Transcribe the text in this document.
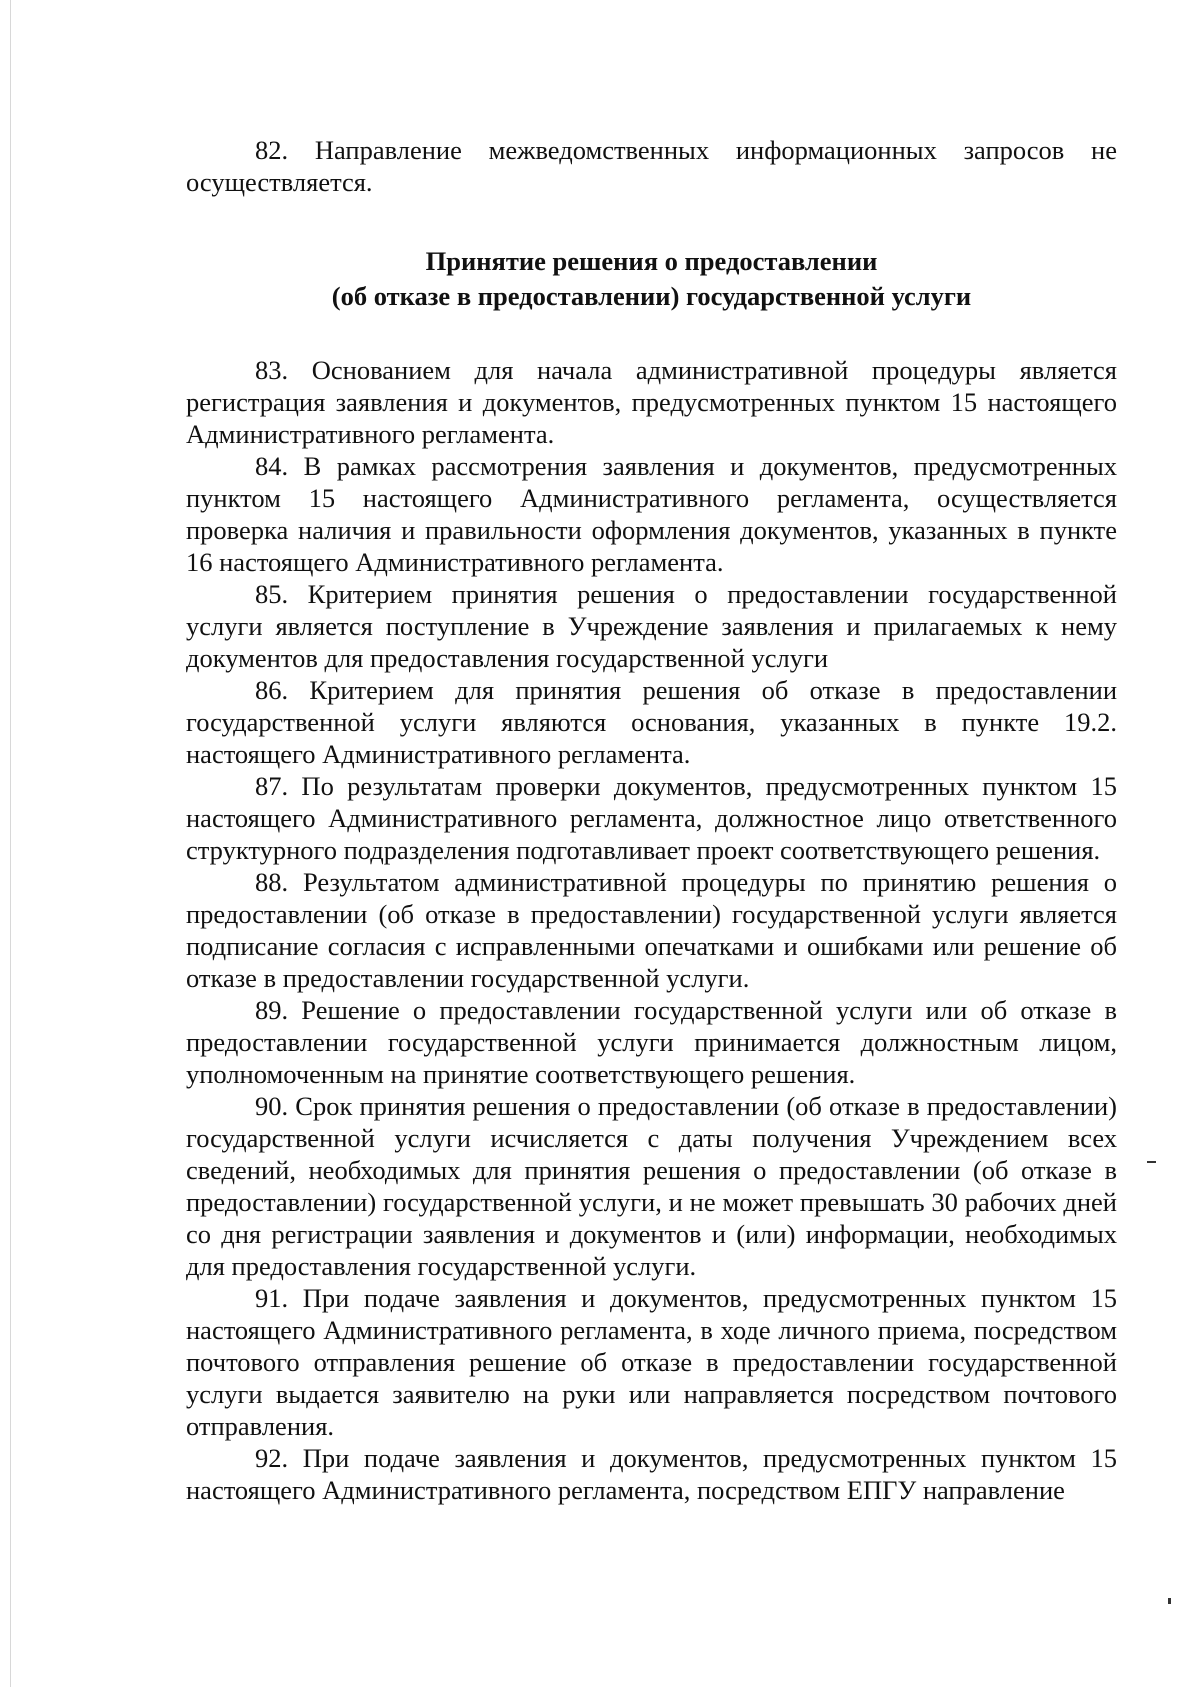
82. Направление межведомственных информационных запросов не осуществляется.

Принятие решения о предоставлении
(об отказе в предоставлении) государственной услуги

83. Основанием для начала административной процедуры является регистрация заявления и документов, предусмотренных пунктом 15 настоящего Административного регламента.

84. В рамках рассмотрения заявления и документов, предусмотренных пунктом 15 настоящего Административного регламента, осуществляется проверка наличия и правильности оформления документов, указанных в пункте 16 настоящего Административного регламента.

85. Критерием принятия решения о предоставлении государственной услуги является поступление в Учреждение заявления и прилагаемых к нему документов для предоставления государственной услуги

86. Критерием для принятия решения об отказе в предоставлении государственной услуги являются основания, указанных в пункте 19.2. настоящего Административного регламента.

87. По результатам проверки документов, предусмотренных пунктом 15 настоящего Административного регламента, должностное лицо ответственного структурного подразделения подготавливает проект соответствующего решения.

88. Результатом административной процедуры по принятию решения о предоставлении (об отказе в предоставлении) государственной услуги является подписание согласия с исправленными опечатками и ошибками или решение об отказе в предоставлении государственной услуги.

89. Решение о предоставлении государственной услуги или об отказе в предоставлении государственной услуги принимается должностным лицом, уполномоченным на принятие соответствующего решения.

90. Срок принятия решения о предоставлении (об отказе в предоставлении) государственной услуги исчисляется с даты получения Учреждением всех сведений, необходимых для принятия решения о предоставлении (об отказе в предоставлении) государственной услуги, и не может превышать 30 рабочих дней со дня регистрации заявления и документов и (или) информации, необходимых для предоставления государственной услуги.

91. При подаче заявления и документов, предусмотренных пунктом 15 настоящего Административного регламента, в ходе личного приема, посредством почтового отправления решение об отказе в предоставлении государственной услуги выдается заявителю на руки или направляется посредством почтового отправления.

92. При подаче заявления и документов, предусмотренных пунктом 15 настоящего Административного регламента, посредством ЕПГУ направление
